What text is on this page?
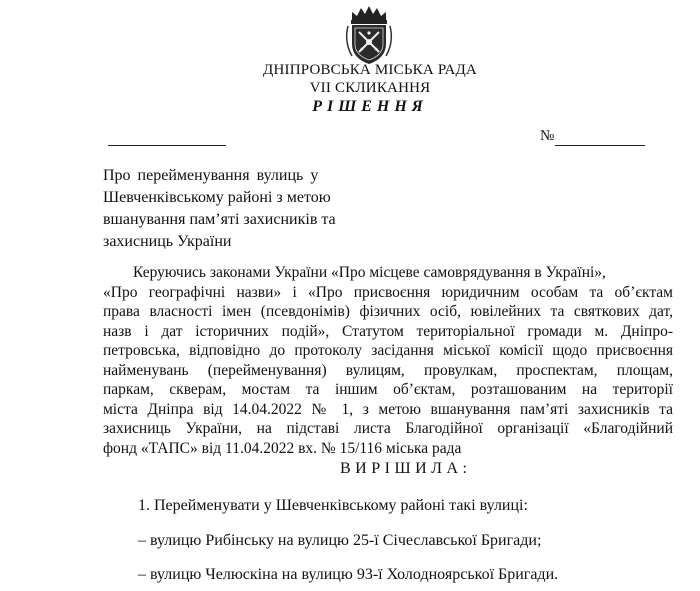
ДНІПРОВСЬКА МІСЬКА РАДА
VII СКЛИКАННЯ
РІШЕННЯ
№
Про перейменування вулиць у
Шевченківському районі з метою
вшанування пам’яті захисників та
захисниць України
Керуючись законами України «Про місцеве самоврядування в Україні»,
«Про географічні назви» і «Про присвоєння юридичним особам та об’єктам
права власності імен (псевдонімів) фізичних осіб, ювілейних та святкових дат,
назв і дат історичних подій», Статутом територіальної громади м. Дніпро-
петровська, відповідно до протоколу засідання міської комісії щодо присвоєння
найменувань (перейменування) вулицям, провулкам, проспектам, площам,
паркам, скверам, мостам та іншим об’єктам, розташованим на території
міста Дніпра від 14.04.2022 № 1, з метою вшанування пам’яті захисників та
захисниць України, на підставі листа Благодійної організації «Благодійний
фонд «ТАПС» від 11.04.2022 вх. № 15/116 міська рада
ВИРІШИЛА:
1. Перейменувати у Шевченківському районі такі вулиці:
– вулицю Рибінську на вулицю 25-ї Січеславської Бригади;
– вулицю Челюскіна на вулицю 93-ї Холодноярської Бригади.
